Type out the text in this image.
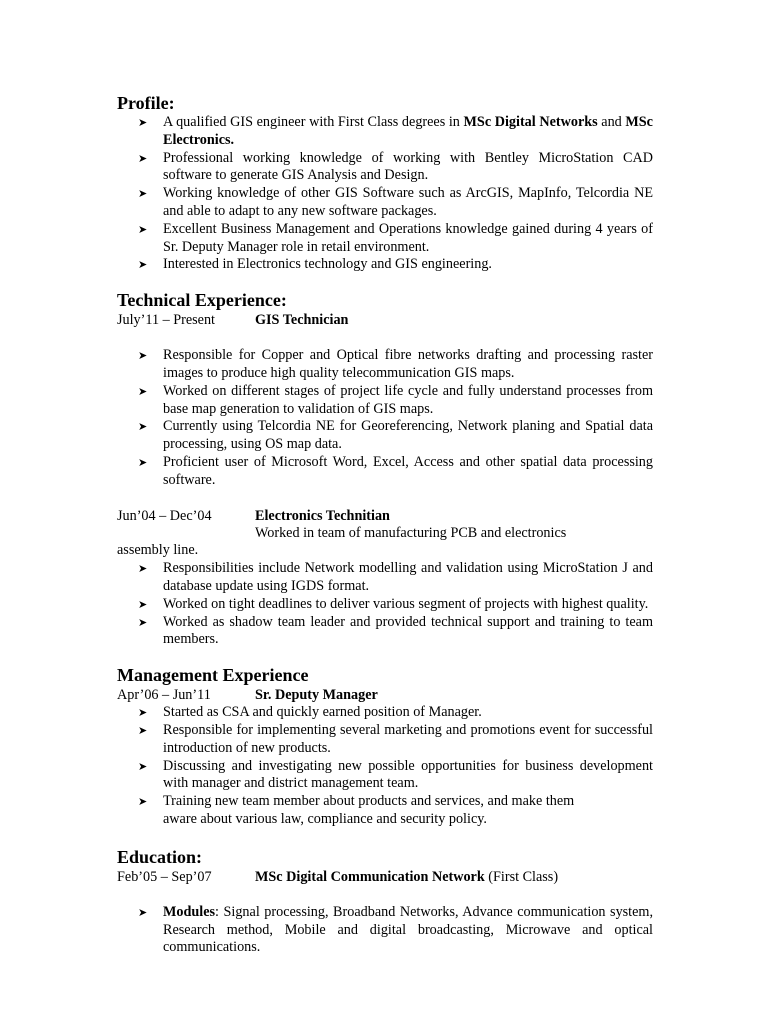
Profile:
➤ A qualified GIS engineer with First Class degrees in MSc Digital Networks and MSc Electronics.
➤ Professional working knowledge of working with Bentley MicroStation CAD software to generate GIS Analysis and Design.
➤ Working knowledge of other GIS Software such as ArcGIS, MapInfo, Telcordia NE and able to adapt to any new software packages.
➤ Excellent Business Management and Operations knowledge gained during 4 years of Sr. Deputy Manager role in retail environment.
➤ Interested in Electronics technology and GIS engineering.
Technical Experience:
July’11 – Present	GIS Technician
➤ Responsible for Copper and Optical fibre networks drafting and processing raster images to produce high quality telecommunication GIS maps.
➤ Worked on different stages of project life cycle and fully understand processes from base map generation to validation of GIS maps.
➤ Currently using Telcordia NE for Georeferencing, Network planing and Spatial data processing, using OS map data.
➤ Proficient user of Microsoft Word, Excel, Access and other spatial data processing software.
Jun’04 – Dec’04	Electronics Technitian

Worked in team of manufacturing PCB and electronics

assembly line.

➤ Responsibilities include Network modelling and validation using MicroStation J and database update using IGDS format.
➤ Worked on tight deadlines to deliver various segment of projects with highest quality.
➤ Worked as shadow team leader and provided technical support and training to team members.
Management Experience
Apr’06 – Jun’11	Sr. Deputy Manager
➤ Started as CSA and quickly earned position of Manager.
➤ Responsible for implementing several marketing and promotions event for successful introduction of new products.
➤ Discussing and investigating new possible opportunities for business development with manager and district management team.
➤ Training new team member about products and services, and make them
aware about various law, compliance and security policy.
Education:
Feb’05 – Sep’07	MSc Digital Communication Network (First Class)
➤ Modules: Signal processing, Broadband Networks, Advance communication system, Research method, Mobile and digital broadcasting, Microwave and optical communications.
